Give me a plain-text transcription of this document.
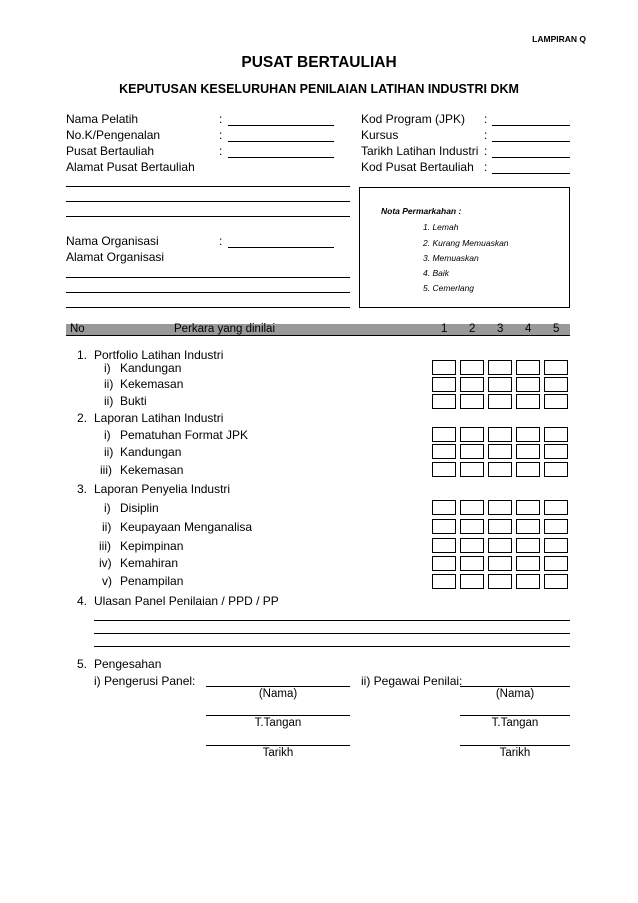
LAMPIRAN Q
PUSAT BERTAULIAH
KEPUTUSAN KESELURUHAN PENILAIAN LATIHAN INDUSTRI DKM
Nama Pelatih	:
No.K/Pengenalan	:
Pusat Bertauliah	:
Alamat Pusat Bertauliah
Kod Program (JPK) :
Kursus	:
Tarikh Latihan Industri :
Kod Pusat Bertauliah :
Nama Organisasi	:
Alamat Organisasi
Nota Permarkahan :
1. Lemah
2. Kurang Memuaskan
3. Memuaskan
4. Baik
5. Cemerlang
No	Perkara yang dinilai	1 2 3 4 5
1. Portfolio Latihan Industri
i) Kandungan
ii) Kekemasan
ii) Bukti
2. Laporan Latihan Industri
i) Pematuhan Format JPK
ii) Kandungan
iii) Kekemasan
3. Laporan Penyelia Industri
i) Disiplin
ii) Keupayaan Menganalisa
iii) Kepimpinan
iv) Kemahiran
v) Penampilan
4. Ulasan Panel Penilaian / PPD / PP
5. Pengesahan
i) Pengerusi Panel:	ii) Pegawai Penilai:
(Nama)	(Nama)
T.Tangan	T.Tangan
Tarikh	Tarikh
